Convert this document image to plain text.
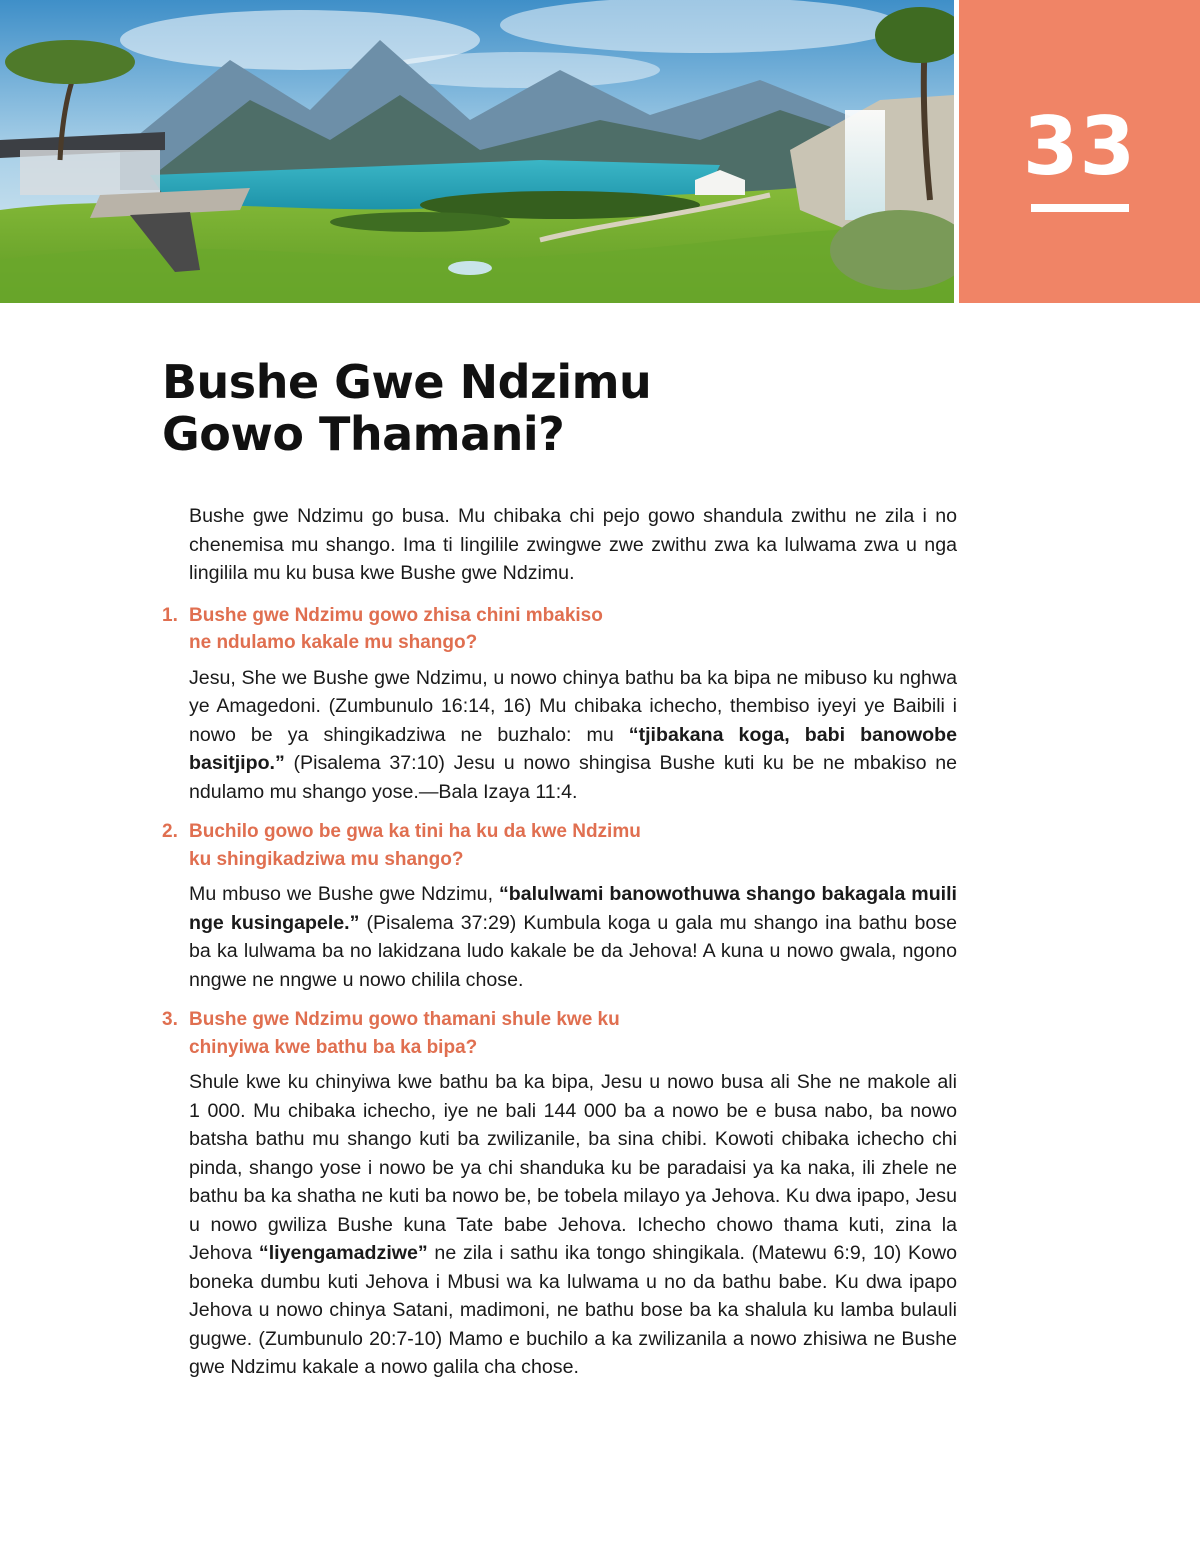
33
Bushe Gwe Ndzimu
Gowo Thamani?

Bushe gwe Ndzimu go busa. Mu chibaka chi pejo gowo shandula zwithu ne zila i no chenemisa mu shango. Ima ti lingilile zwingwe zwe zwithu zwa ka lulwama zwa u nga lingilila mu ku busa kwe Bushe gwe Ndzimu.

1. Bushe gwe Ndzimu gowo zhisa chini mbakiso
ne ndulamo kakale mu shango?

Jesu, She we Bushe gwe Ndzimu, u nowo chinya bathu ba ka bipa ne mibuso ku nghwa ye Amagedoni. (Zumbunulo 16:14, 16) Mu chibaka ichecho, thembiso iyeyi ye Baibili i nowo be ya shingikadziwa ne buzhalo: mu “tjibakana koga, babi banowobe basitjipo.” (Pisalema 37:10) Jesu u nowo shingisa Bushe kuti ku be ne mbakiso ne ndulamo mu shango yose.—Bala Izaya 11:4.

2. Buchilo gowo be gwa ka tini ha ku da kwe Ndzimu
ku shingikadziwa mu shango?

Mu mbuso we Bushe gwe Ndzimu, “balulwami banowothuwa shango bakagala muili nge kusingapele.” (Pisalema 37:29) Kumbula koga u gala mu shango ina bathu bose ba ka lulwama ba no lakidzana ludo kakale be da Jehova! A kuna u nowo gwala, ngono nngwe ne nngwe u nowo chilila chose.

3. Bushe gwe Ndzimu gowo thamani shule kwe ku
chinyiwa kwe bathu ba ka bipa?

Shule kwe ku chinyiwa kwe bathu ba ka bipa, Jesu u nowo busa ali She ne makole ali 1 000. Mu chibaka ichecho, iye ne bali 144 000 ba a nowo be e busa nabo, ba nowo batsha bathu mu shango kuti ba zwilizanile, ba sina chibi. Kowoti chibaka ichecho chi pinda, shango yose i nowo be ya chi shanduka ku be paradaisi ya ka naka, ili zhele ne bathu ba ka shatha ne kuti ba nowo be, be tobela milayo ya Jehova. Ku dwa ipapo, Jesu u nowo gwiliza Bushe kuna Tate babe Jehova. Ichecho chowo thama kuti, zina la Jehova “liyengamadziwe” ne zila i sathu ika tongo shingikala. (Matewu 6:9, 10) Kowo boneka dumbu kuti Jehova i Mbusi wa ka lulwama u no da bathu babe. Ku dwa ipapo Jehova u nowo chinya Satani, madimoni, ne bathu bose ba ka shalula ku lamba bulauli gugwe. (Zumbunulo 20:7-10) Mamo e buchilo a ka zwilizanila a nowo zhisiwa ne Bushe gwe Ndzimu kakale a nowo galila cha chose.
